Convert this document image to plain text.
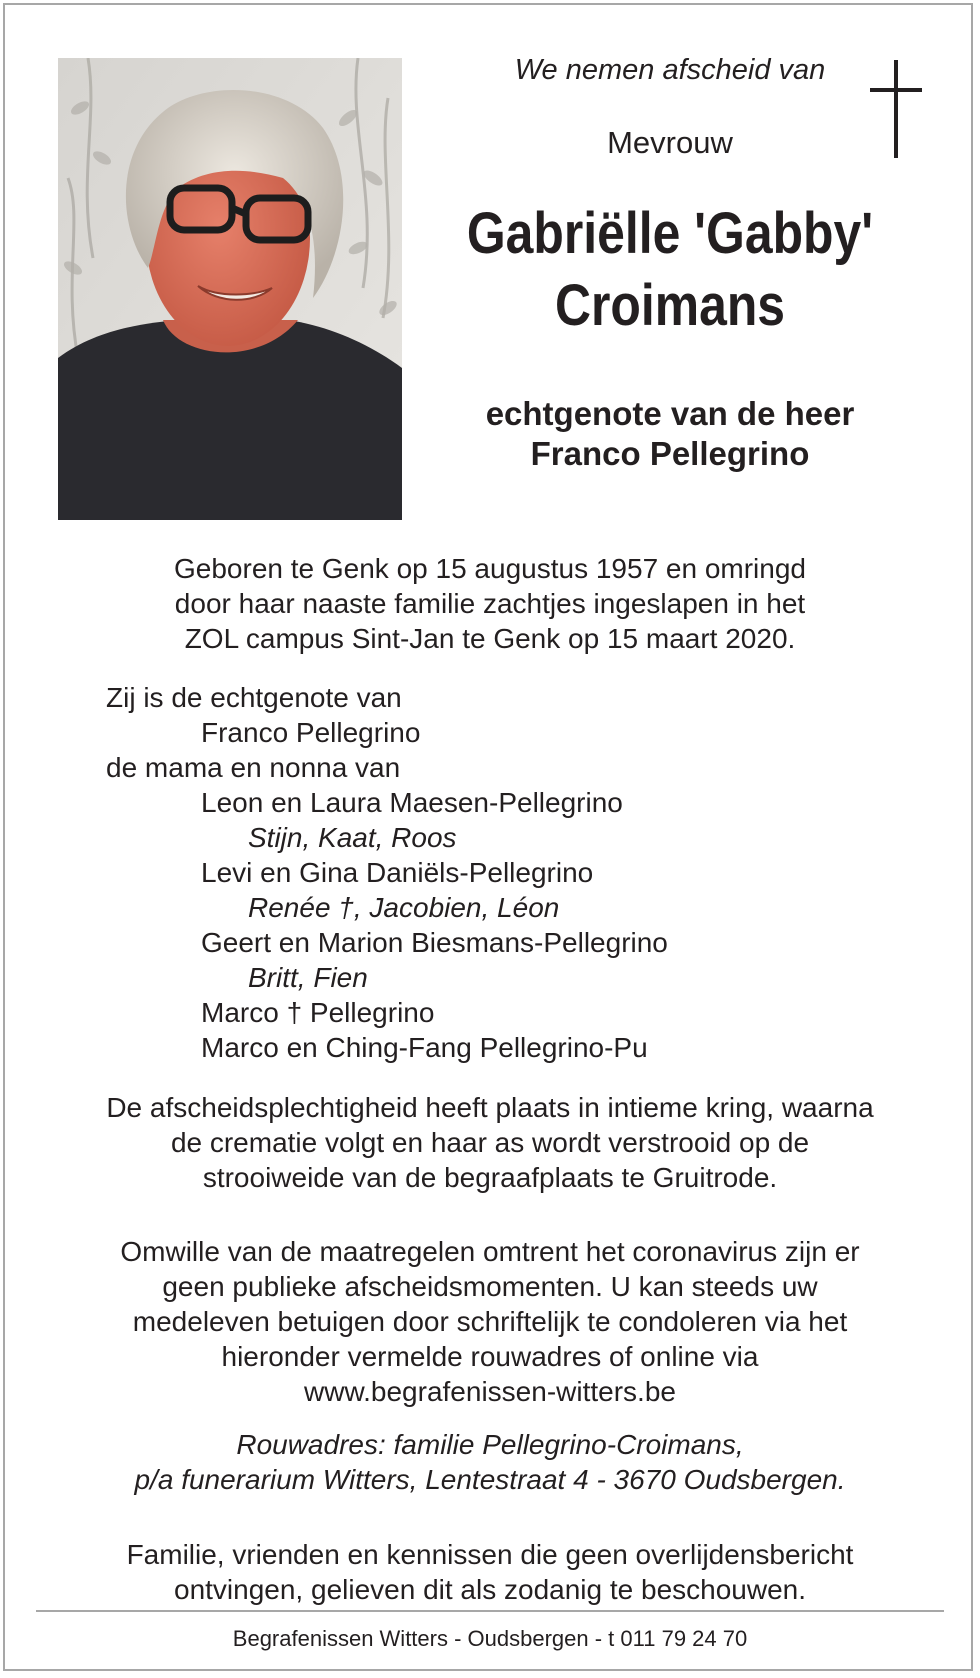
We nemen afscheid van
Mevrouw
Gabriëlle 'Gabby'
Croimans
echtgenote van de heer
Franco Pellegrino
Geboren te Genk op 15 augustus 1957 en omringd
door haar naaste familie zachtjes ingeslapen in het
ZOL campus Sint-Jan te Genk op 15 maart 2020.
Zij is de echtgenote van
Franco Pellegrino
de mama en nonna van
Leon en Laura Maesen-Pellegrino
Stijn, Kaat, Roos
Levi en Gina Daniëls-Pellegrino
Renée †, Jacobien, Léon
Geert en Marion Biesmans-Pellegrino
Britt, Fien
Marco † Pellegrino
Marco en Ching-Fang Pellegrino-Pu
De afscheidsplechtigheid heeft plaats in intieme kring, waarna
de crematie volgt en haar as wordt verstrooid op de
strooiweide van de begraafplaats te Gruitrode.
Omwille van de maatregelen omtrent het coronavirus zijn er
geen publieke afscheidsmomenten. U kan steeds uw
medeleven betuigen door schriftelijk te condoleren via het
hieronder vermelde rouwadres of online via
www.begrafenissen-witters.be
Rouwadres: familie Pellegrino-Croimans,
p/a funerarium Witters, Lentestraat 4 - 3670 Oudsbergen.
Familie, vrienden en kennissen die geen overlijdensbericht
ontvingen, gelieven dit als zodanig te beschouwen.
Begrafenissen Witters - Oudsbergen - t 011 79 24 70
